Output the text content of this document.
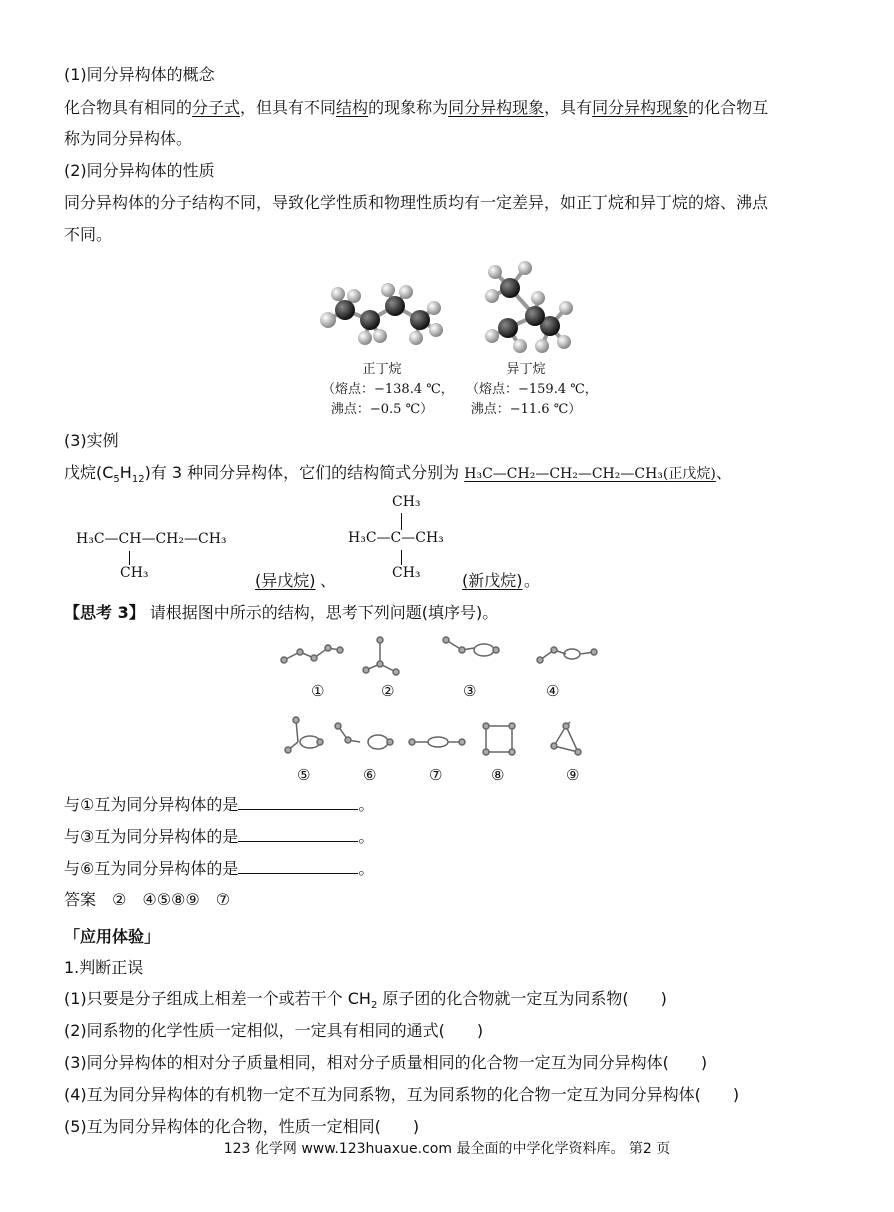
(1)同分异构体的概念
化合物具有相同的分子式，但具有不同结构的现象称为同分异构现象，具有同分异构现象的化合物互
称为同分异构体。
(2)同分异构体的性质
同分异构体的分子结构不同，导致化学性质和物理性质均有一定差异，如正丁烷和异丁烷的熔、沸点
不同。
正丁烷
（熔点：−138.4 ℃，
沸点：−0.5 ℃）
异丁烷
（熔点：−159.4 ℃，
沸点：−11.6 ℃）
(3)实例
戊烷$(C_5H_{12})$有 3 种同分异构体，它们的结构简式分别为 H₃C—CH₂—CH₂—CH₂—CH₃(正戊烷)、
H₃C—CH—CH₂—CH₃
CH₃	(异戊烷) 、
CH₃
H₃C—C—CH₃
CH₃	(新戊烷) 。
【思考 3】 请根据图中所示的结构，思考下列问题(填序号)。
①	②	③	④
⑤	⑥	⑦	⑧	⑨
与①互为同分异构体的是	。
与③互为同分异构体的是	。
与⑥互为同分异构体的是	。
答案　②　④⑤⑧⑨　⑦
「应用体验」
1.判断正误
(1)只要是分子组成上相差一个或若干个 $CH_2$ 原子团的化合物就一定互为同系物(　　)
(2)同系物的化学性质一定相似，一定具有相同的通式(　　)
(3)同分异构体的相对分子质量相同，相对分子质量相同的化合物一定互为同分异构体(　　)
(4)互为同分异构体的有机物一定不互为同系物，互为同系物的化合物一定互为同分异构体(　　)
(5)互为同分异构体的化合物，性质一定相同(　　)
123 化学网 www.123huaxue.com 最全面的中学化学资料库。 第2 页
